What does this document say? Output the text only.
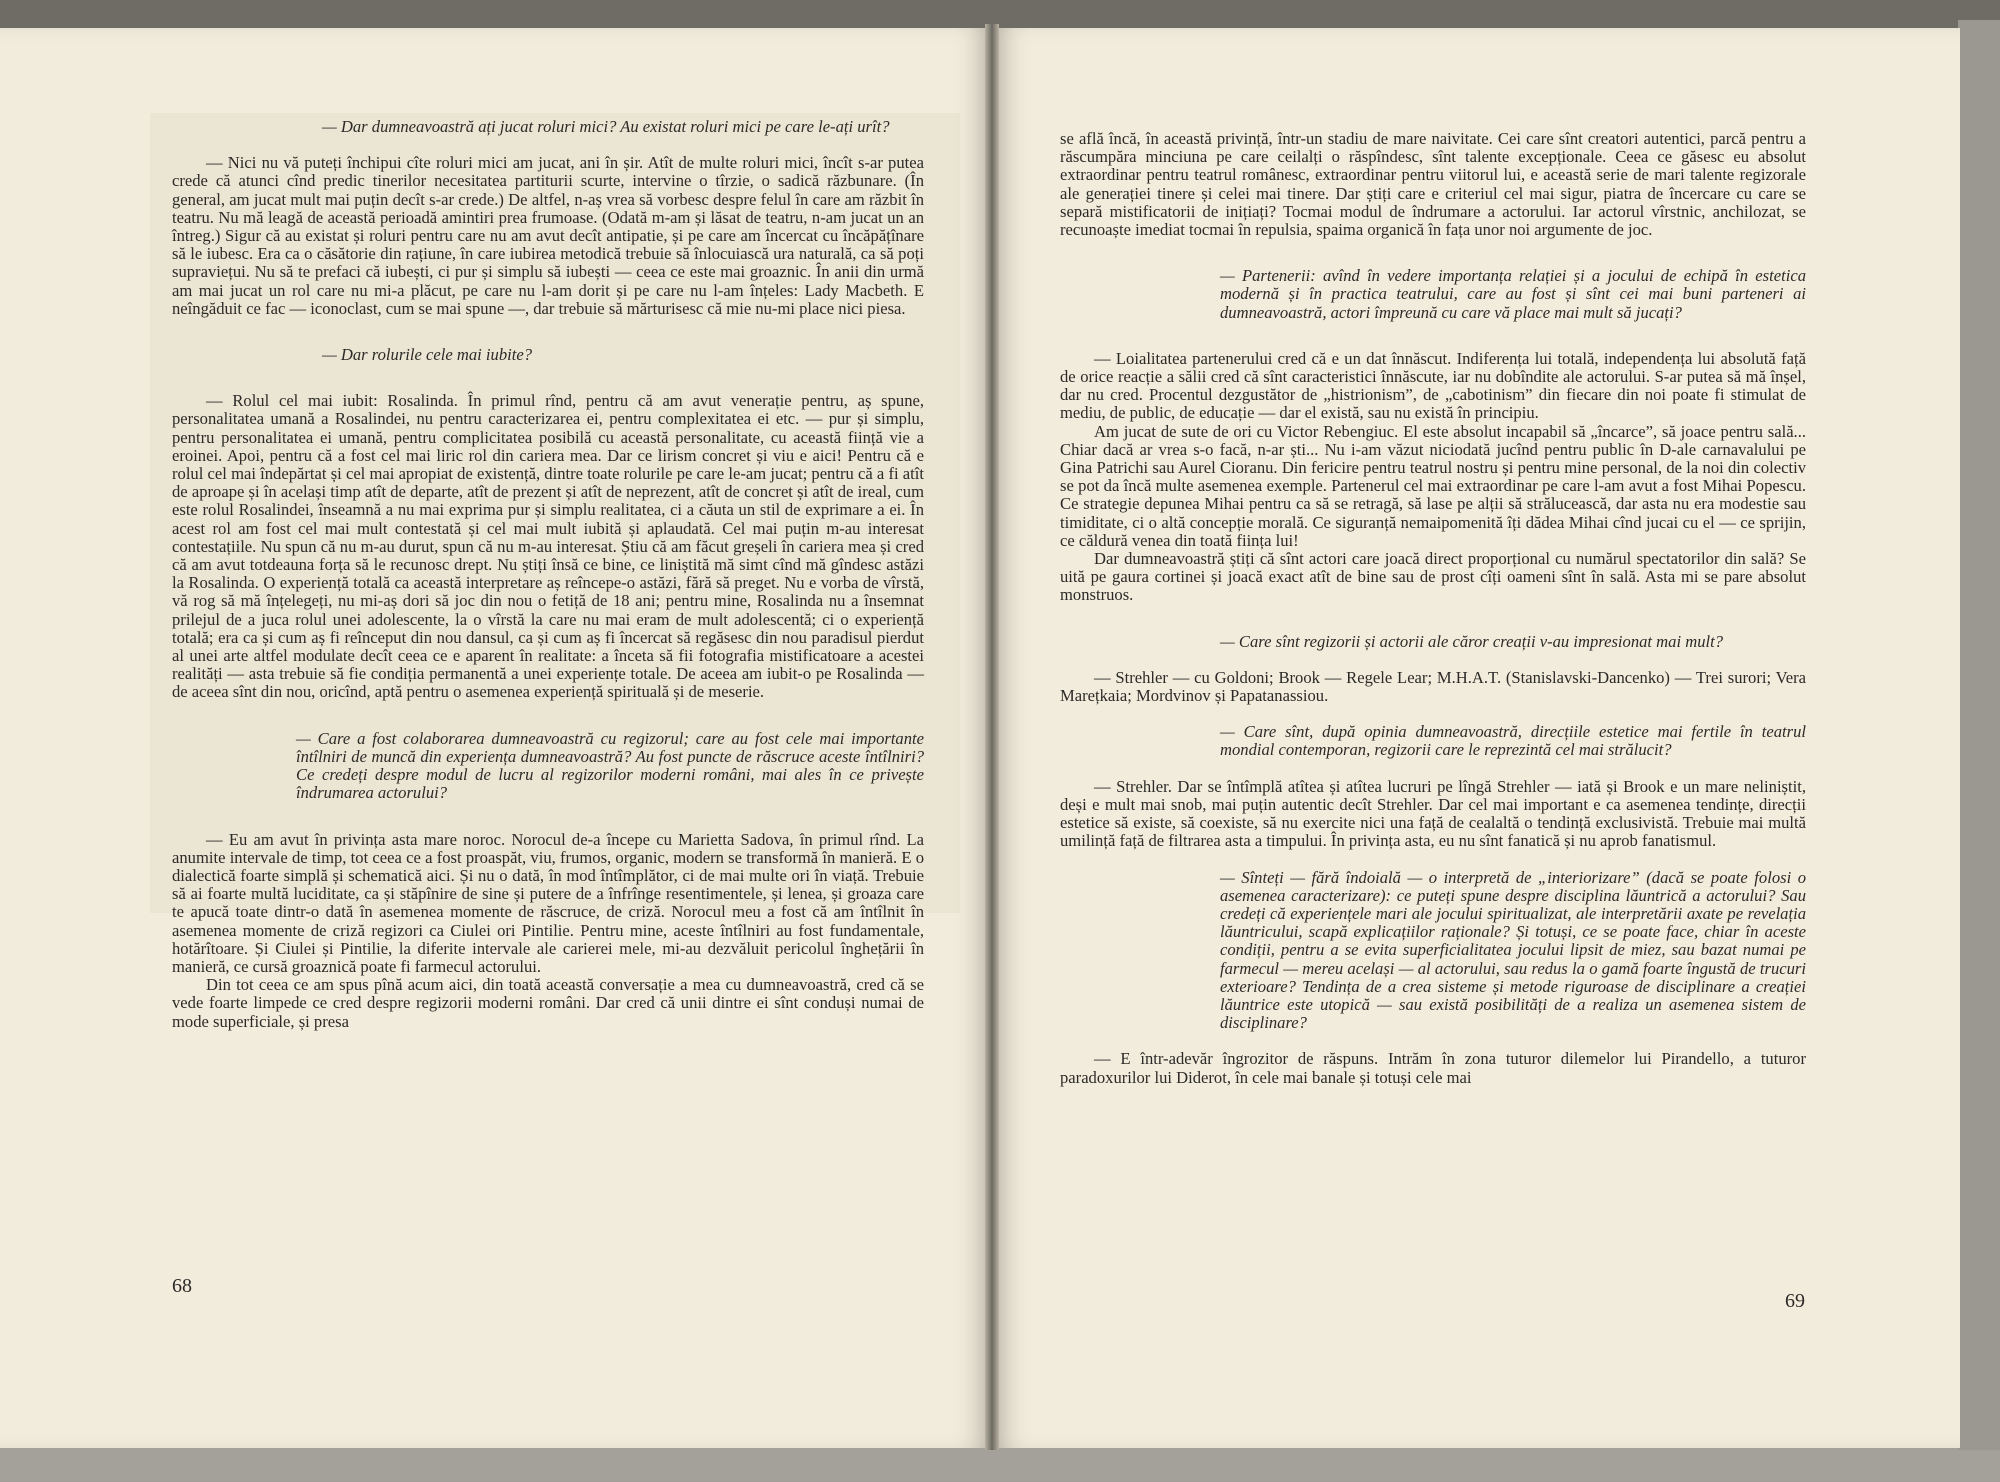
— Dar dumneavoastră ați jucat roluri mici? Au existat roluri mici pe care le-ați urît?

— Nici nu vă puteți închipui cîte roluri mici am jucat, ani în șir. Atît de multe roluri mici, încît s-ar putea crede că atunci cînd predic tinerilor necesitatea partiturii scurte, intervine o tîrzie, o sadică răzbunare. (În general, am jucat mult mai puțin decît s-ar crede.) De altfel, n-aș vrea să vorbesc despre felul în care am răzbit în teatru. Nu mă leagă de această perioadă amintiri prea frumoase. (Odată m-am și lăsat de teatru, n-am jucat un an întreg.) Sigur că au existat și roluri pentru care nu am avut decît antipatie, și pe care am încercat cu încăpățînare să le iubesc. Era ca o căsătorie din rațiune, în care iubirea metodică trebuie să înlocuiască ura naturală, ca să poți supraviețui. Nu să te prefaci că iubești, ci pur și simplu să iubești — ceea ce este mai groaznic. În anii din urmă am mai jucat un rol care nu mi-a plăcut, pe care nu l-am dorit și pe care nu l-am înțeles: Lady Macbeth. E neîngăduit ce fac — iconoclast, cum se mai spune —, dar trebuie să mărturisesc că mie nu-mi place nici piesa.

— Dar rolurile cele mai iubite?

— Rolul cel mai iubit: Rosalinda. În primul rînd, pentru că am avut venerație pentru, aș spune, personalitatea umană a Rosalindei, nu pentru caracterizarea ei, pentru complexitatea ei etc. — pur și simplu, pentru personalitatea ei umană, pentru complicitatea posibilă cu această personalitate, cu această ființă vie a eroinei. Apoi, pentru că a fost cel mai liric rol din cariera mea. Dar ce lirism concret și viu e aici! Pentru că e rolul cel mai îndepărtat și cel mai apropiat de existență, dintre toate rolurile pe care le-am jucat; pentru că a fi atît de aproape și în același timp atît de departe, atît de prezent și atît de neprezent, atît de concret și atît de ireal, cum este rolul Rosalindei, înseamnă a nu mai exprima pur și simplu realitatea, ci a căuta un stil de exprimare a ei. În acest rol am fost cel mai mult contestată și cel mai mult iubită și aplaudată. Cel mai puțin m-au interesat contestațiile. Nu spun că nu m-au durut, spun că nu m-au interesat. Știu că am făcut greșeli în cariera mea și cred că am avut totdeauna forța să le recunosc drept. Nu știți însă ce bine, ce liniștită mă simt cînd mă gîndesc astăzi la Rosalinda. O experiență totală ca această interpretare aș reîncepe-o astăzi, fără să preget. Nu e vorba de vîrstă, vă rog să mă înțelegeți, nu mi-aș dori să joc din nou o fetiță de 18 ani; pentru mine, Rosalinda nu a însemnat prilejul de a juca rolul unei adolescente, la o vîrstă la care nu mai eram de mult adolescentă; ci o experiență totală; era ca și cum aș fi reînceput din nou dansul, ca și cum aș fi încercat să regăsesc din nou paradisul pierdut al unei arte altfel modulate decît ceea ce e aparent în realitate: a înceta să fii fotografia mistificatoare a acestei realități — asta trebuie să fie condiția permanentă a unei experiențe totale. De aceea am iubit-o pe Rosalinda — de aceea sînt din nou, oricînd, aptă pentru o asemenea experiență spirituală și de meserie.

— Care a fost colaborarea dumneavoastră cu regizorul; care au fost cele mai importante întîlniri de muncă din experiența dumneavoastră? Au fost puncte de răscruce aceste întîlniri? Ce credeți despre modul de lucru al regizorilor moderni români, mai ales în ce privește îndrumarea actorului?

— Eu am avut în privința asta mare noroc. Norocul de-a începe cu Marietta Sadova, în primul rînd. La anumite intervale de timp, tot ceea ce a fost proaspăt, viu, frumos, organic, modern se transformă în manieră. E o dialectică foarte simplă și schematică aici. Și nu o dată, în mod întîmplător, ci de mai multe ori în viață. Trebuie să ai foarte multă luciditate, ca și stăpînire de sine și putere de a înfrînge resentimentele, și lenea, și groaza care te apucă toate dintr-o dată în asemenea momente de răscruce, de criză. Norocul meu a fost că am întîlnit în asemenea momente de criză regizori ca Ciulei ori Pintilie. Pentru mine, aceste întîlniri au fost fundamentale, hotărîtoare. Și Ciulei și Pintilie, la diferite intervale ale carierei mele, mi-au dezvăluit pericolul înghețării în manieră, ce cursă groaznică poate fi farmecul actorului.

Din tot ceea ce am spus pînă acum aici, din toată această conversație a mea cu dumneavoastră, cred că se vede foarte limpede ce cred despre regizorii moderni români. Dar cred că unii dintre ei sînt conduși numai de mode superficiale, și presa

se află încă, în această privință, într-un stadiu de mare naivitate. Cei care sînt creatori autentici, parcă pentru a răscumpăra minciuna pe care ceilalți o răspîndesc, sînt talente excepționale. Ceea ce găsesc eu absolut extraordinar pentru teatrul românesc, extraordinar pentru viitorul lui, e această serie de mari talente regizorale ale generației tinere și celei mai tinere. Dar știți care e criteriul cel mai sigur, piatra de încercare cu care se separă mistificatorii de inițiați? Tocmai modul de îndrumare a actorului. Iar actorul vîrstnic, anchilozat, se recunoaște imediat tocmai în repulsia, spaima organică în fața unor noi argumente de joc.

— Partenerii: avînd în vedere importanța relației și a jocului de echipă în estetica modernă și în practica teatrului, care au fost și sînt cei mai buni parteneri ai dumneavoastră, actori împreună cu care vă place mai mult să jucați?

— Loialitatea partenerului cred că e un dat înnăscut. Indiferența lui totală, independența lui absolută față de orice reacție a sălii cred că sînt caracteristici înnăscute, iar nu dobîndite ale actorului. S-ar putea să mă înșel, dar nu cred. Procentul dezgustător de „histrionism”, de „cabotinism” din fiecare din noi poate fi stimulat de mediu, de public, de educație — dar el există, sau nu există în principiu.

Am jucat de sute de ori cu Victor Rebengiuc. El este absolut incapabil să „încarce”, să joace pentru sală... Chiar dacă ar vrea s-o facă, n-ar ști... Nu i-am văzut niciodată jucînd pentru public în D-ale carnavalului pe Gina Patrichi sau Aurel Cioranu. Din fericire pentru teatrul nostru și pentru mine personal, de la noi din colectiv se pot da încă multe asemenea exemple. Partenerul cel mai extraordinar pe care l-am avut a fost Mihai Popescu. Ce strategie depunea Mihai pentru ca să se retragă, să lase pe alții să strălucească, dar asta nu era modestie sau timiditate, ci o altă concepție morală. Ce siguranță nemaipomenită îți dădea Mihai cînd jucai cu el — ce sprijin, ce căldură venea din toată ființa lui!

Dar dumneavoastră știți că sînt actori care joacă direct proporțional cu numărul spectatorilor din sală? Se uită pe gaura cortinei și joacă exact atît de bine sau de prost cîți oameni sînt în sală. Asta mi se pare absolut monstruos.

— Care sînt regizorii și actorii ale căror creații v-au impresionat mai mult?

— Strehler — cu Goldoni; Brook — Regele Lear; M.H.A.T. (Stanislavski-Dancenko) — Trei surori; Vera Marețkaia; Mordvinov și Papatanassiou.

— Care sînt, după opinia dumneavoastră, direcțiile estetice mai fertile în teatrul mondial contemporan, regizorii care le reprezintă cel mai strălucit?

— Strehler. Dar se întîmplă atîtea și atîtea lucruri pe lîngă Strehler — iată și Brook e un mare neliniștit, deși e mult mai snob, mai puțin autentic decît Strehler. Dar cel mai important e ca asemenea tendințe, direcții estetice să existe, să coexiste, să nu exercite nici una față de cealaltă o tendință exclusivistă. Trebuie mai multă umilință față de filtrarea asta a timpului. În privința asta, eu nu sînt fanatică și nu aprob fanatismul.

— Sînteți — fără îndoială — o interpretă de „interiorizare” (dacă se poate folosi o asemenea caracterizare): ce puteți spune despre disciplina lăuntrică a actorului? Sau credeți că experiențele mari ale jocului spiritualizat, ale interpretării axate pe revelația lăuntricului, scapă explicațiilor raționale? Și totuși, ce se poate face, chiar în aceste condiții, pentru a se evita superficialitatea jocului lipsit de miez, sau bazat numai pe farmecul — mereu același — al actorului, sau redus la o gamă foarte îngustă de trucuri exterioare? Tendința de a crea sisteme și metode riguroase de disciplinare a creației lăuntrice este utopică — sau există posibilități de a realiza un asemenea sistem de disciplinare?

— E într-adevăr îngrozitor de răspuns. Intrăm în zona tuturor dilemelor lui Pirandello, a tuturor paradoxurilor lui Diderot, în cele mai banale și totuși cele mai

68
69
